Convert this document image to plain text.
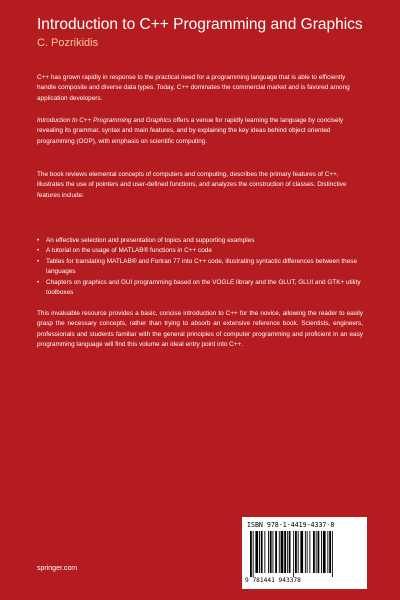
Introduction to C++ Programming and Graphics
C. Pozrikidis
C++ has grown rapidly in response to the practical need for a programming language that is able to efficiently handle composite and diverse data types. Today, C++ dominates the commercial market and is favored among application developers.
Introduction to C++ Programming and Graphics offers a venue for rapidly learning the language by concisely revealing its grammar, syntax and main features, and by explaining the key ideas behind object oriented programming (OOP), with emphasis on scientific computing.
The book reviews elemental concepts of computers and computing, describes the primary features of C++, illustrates the use of pointers and user-defined functions, and analyzes the construction of classes. Distinctive features include:
• An effective selection and presentation of topics and supporting examples
• A tutorial on the usage of MATLAB® functions in C++ code
• Tables for translating MATLAB® and Fortran 77 into C++ code, illustrating syntactic differences between these languages
• Chapters on graphics and GUI programming based on the VOGLE library and the GLUT, GLUI and GTK+ utility toolboxes
This invaluable resource provides a basic, concise introduction to C++ for the novice, allowing the reader to easily grasp the necessary concepts, rather than trying to absorb an extensive reference book. Scientists, engineers, professionals and students familiar with the general principles of computer programming and proficient in an easy programming language will find this volume an ideal entry point into C++.
ISBN 978-1-4419-4337-8
9 781441 943378
springer.com
